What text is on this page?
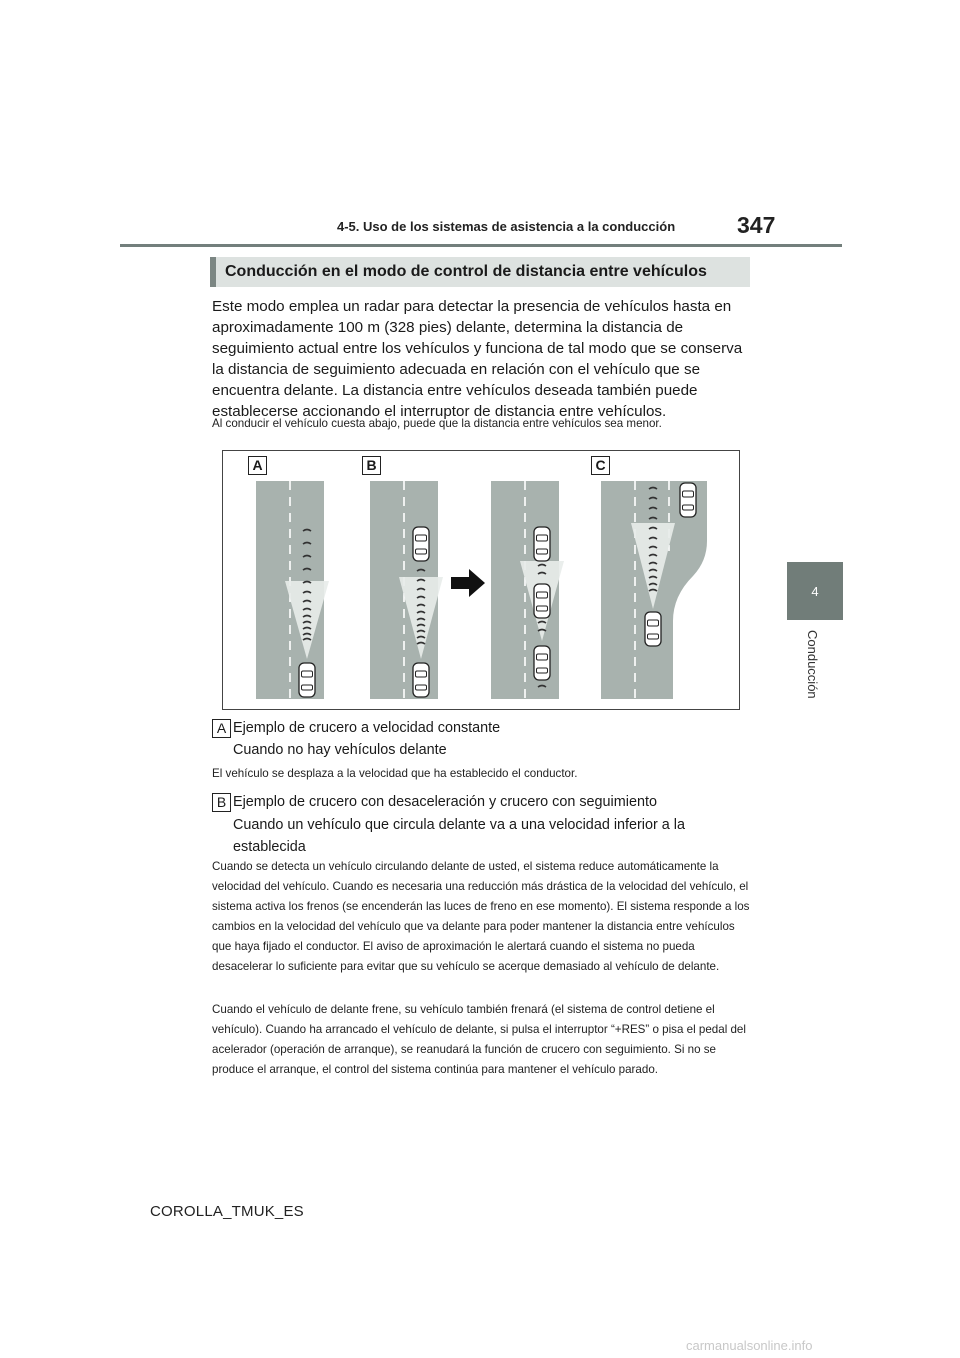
4-5. Uso de los sistemas de asistencia a la conducción	347
4
Conducción
Conducción en el modo de control de distancia entre vehículos

Este modo emplea un radar para detectar la presencia de vehículos hasta en aproximadamente 100 m (328 pies) delante, determina la distancia de seguimiento actual entre los vehículos y funciona de tal modo que se conserva la distancia de seguimiento adecuada en relación con el vehículo que se encuentra delante. La distancia entre vehículos deseada también puede establecerse accionando el interruptor de distancia entre vehículos.

Al conducir el vehículo cuesta abajo, puede que la distancia entre vehículos sea menor.

A	B	C
A Ejemplo de crucero a velocidad constante

Cuando no hay vehículos delante

El vehículo se desplaza a la velocidad que ha establecido el conductor.

B Ejemplo de crucero con desaceleración y crucero con seguimiento

Cuando un vehículo que circula delante va a una velocidad inferior a la establecida

Cuando se detecta un vehículo circulando delante de usted, el sistema reduce automáticamente la velocidad del vehículo. Cuando es necesaria una reducción más drástica de la velocidad del vehículo, el sistema activa los frenos (se encenderán las luces de freno en ese momento). El sistema responde a los cambios en la velocidad del vehículo que va delante para poder mantener la distancia entre vehículos que haya fijado el conductor. El aviso de aproximación le alertará cuando el sistema no pueda desacelerar lo suficiente para evitar que su vehículo se acerque demasiado al vehículo de delante.

Cuando el vehículo de delante frene, su vehículo también frenará (el sistema de control detiene el vehículo). Cuando ha arrancado el vehículo de delante, si pulsa el interruptor “+RES” o pisa el pedal del acelerador (operación de arranque), se reanudará la función de crucero con seguimiento. Si no se produce el arranque, el control del sistema continúa para mantener el vehículo parado.

COROLLA_TMUK_ES
carmanualsonline.info
